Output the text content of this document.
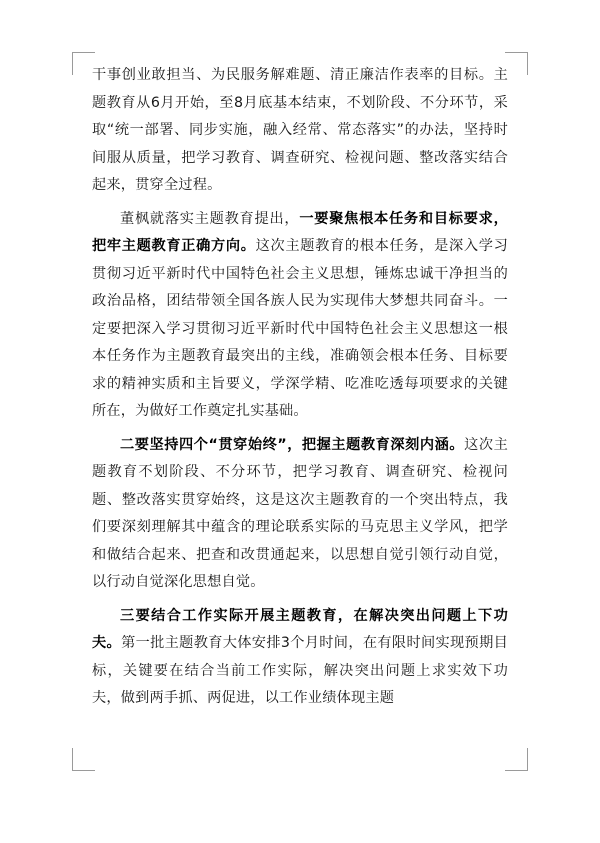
干事创业敢担当、为民服务解难题、清正廉洁作表率的目标。主题教育从6月开始，至8月底基本结束，不划阶段、不分环节，采取“统一部署、同步实施，融入经常、常态落实”的办法，坚持时间服从质量，把学习教育、调查研究、检视问题、整改落实结合起来，贯穿全过程。

董枫就落实主题教育提出，一要聚焦根本任务和目标要求，把牢主题教育正确方向。这次主题教育的根本任务，是深入学习贯彻习近平新时代中国特色社会主义思想，锤炼忠诚干净担当的政治品格，团结带领全国各族人民为实现伟大梦想共同奋斗。一定要把深入学习贯彻习近平新时代中国特色社会主义思想这一根本任务作为主题教育最突出的主线，准确领会根本任务、目标要求的精神实质和主旨要义，学深学精、吃准吃透每项要求的关键所在，为做好工作奠定扎实基础。

二要坚持四个“贯穿始终”，把握主题教育深刻内涵。这次主题教育不划阶段、不分环节，把学习教育、调查研究、检视问题、整改落实贯穿始终，这是这次主题教育的一个突出特点，我们要深刻理解其中蕴含的理论联系实际的马克思主义学风，把学和做结合起来、把查和改贯通起来，以思想自觉引领行动自觉，以行动自觉深化思想自觉。

三要结合工作实际开展主题教育，在解决突出问题上下功夫。第一批主题教育大体安排3个月时间，在有限时间实现预期目标，关键要在结合当前工作实际，解决突出问题上求实效下功夫，做到两手抓、两促进，以工作业绩体现主题
